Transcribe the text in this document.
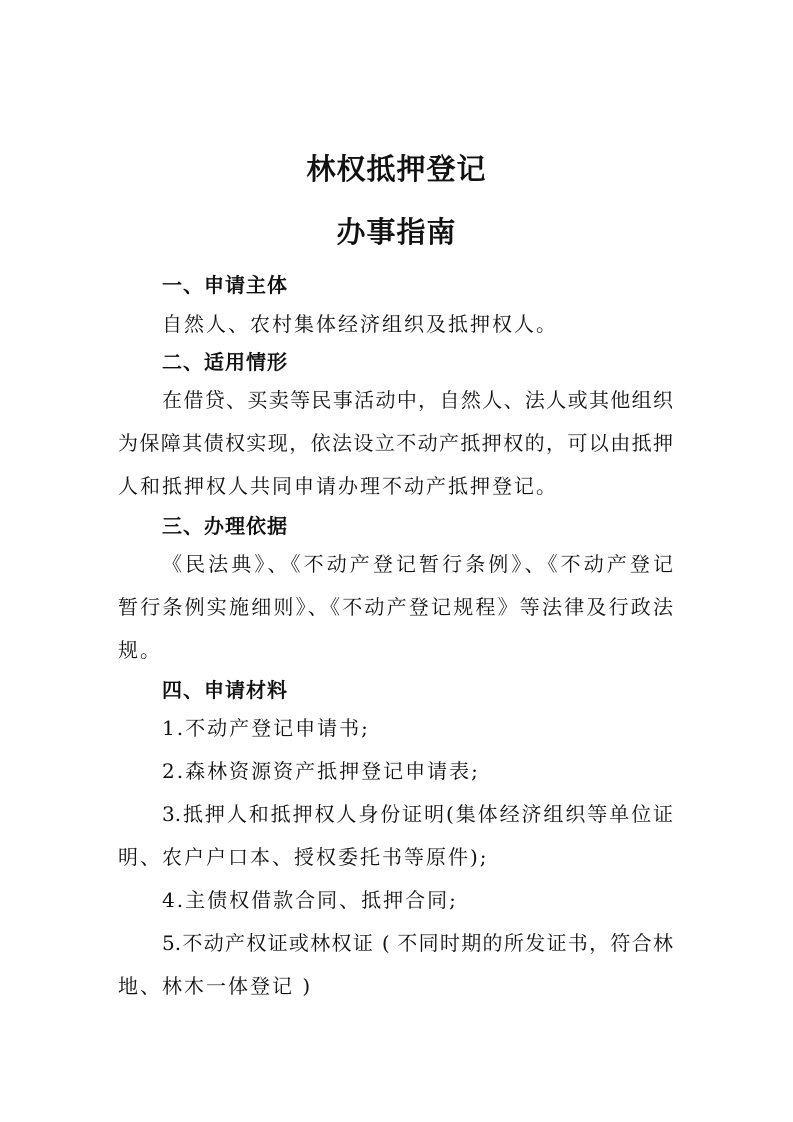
林权抵押登记
办事指南
一、申请主体
自然人、农村集体经济组织及抵押权人。
二、适用情形
在借贷、买卖等民事活动中，自然人、法人或其他组织
为保障其债权实现，依法设立不动产抵押权的，可以由抵押
人和抵押权人共同申请办理不动产抵押登记。
三、办理依据
《民法典》、《不动产登记暂行条例》、《不动产登记
暂行条例实施细则》、《不动产登记规程》等法律及行政法
规。
四、申请材料
1.不动产登记申请书;
2.森林资源资产抵押登记申请表;
3.抵押人和抵押权人身份证明(集体经济组织等单位证
明、农户户口本、授权委托书等原件);
4.主债权借款合同、抵押合同;
5.不动产权证或林权证 ( 不同时期的所发证书，符合林
地、林木一体登记 )
